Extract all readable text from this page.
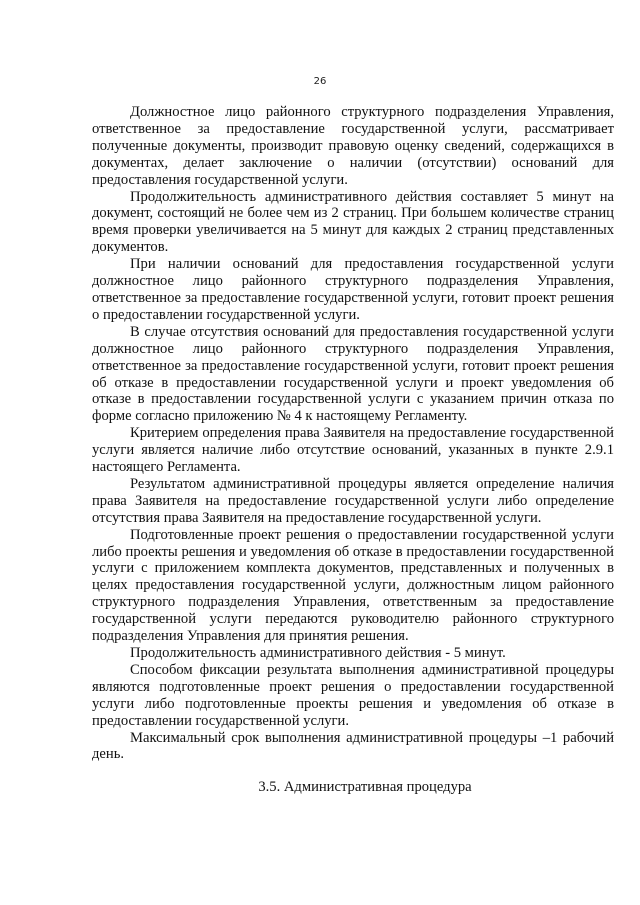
26

Должностное лицо районного структурного подразделения Управления, ответственное за предоставление государственной услуги, рассматривает полученные документы, производит правовую оценку сведений, содержащихся в документах, делает заключение о наличии (отсутствии) оснований для предоставления государственной услуги.

Продолжительность административного действия составляет 5 минут на документ, состоящий не более чем из 2 страниц. При большем количестве страниц время проверки увеличивается на 5 минут для каждых 2 страниц представленных документов.

При наличии оснований для предоставления государственной услуги должностное лицо районного структурного подразделения Управления, ответственное за предоставление государственной услуги, готовит проект решения о предоставлении государственной услуги.

В случае отсутствия оснований для предоставления государственной услуги должностное лицо районного структурного подразделения Управления, ответственное за предоставление государственной услуги, готовит проект решения об отказе в предоставлении государственной услуги и проект уведомления об отказе в предоставлении государственной услуги с указанием причин отказа по форме согласно приложению № 4 к настоящему Регламенту.

Критерием определения права Заявителя на предоставление государственной услуги является наличие либо отсутствие оснований, указанных в пункте 2.9.1 настоящего Регламента.

Результатом административной процедуры является определение наличия права Заявителя на предоставление государственной услуги либо определение отсутствия права Заявителя на предоставление государственной услуги.

Подготовленные проект решения о предоставлении государственной услуги либо проекты решения и уведомления об отказе в предоставлении государственной услуги с приложением комплекта документов, представленных и полученных в целях предоставления государственной услуги, должностным лицом районного структурного подразделения Управления, ответственным за предоставление государственной услуги передаются руководителю районного структурного подразделения Управления для принятия решения.

Продолжительность административного действия - 5 минут.

Способом фиксации результата выполнения административной процедуры являются подготовленные проект решения о предоставлении государственной услуги либо подготовленные проекты решения и уведомления об отказе в предоставлении государственной услуги.

Максимальный срок выполнения административной процедуры –1 рабочий день.

3.5. Административная процедура
